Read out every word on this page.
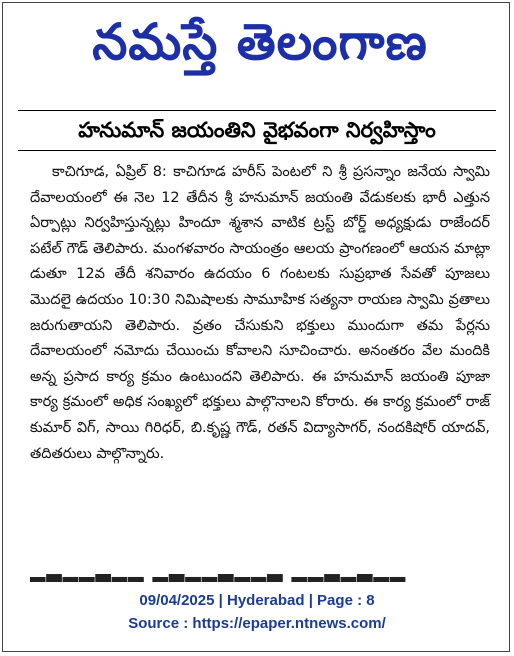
నమస్తే తెలంగాణ
హనుమాన్ జయంతిని వైభవంగా నిర్వహిస్తాం

కాచిగూడ, ఏప్రిల్ 8: కాచిగూడ హరీస్ పెంటలో ని శ్రీ ప్రసన్నాం జనేయ స్వామి దేవాలయంలో ఈ నెల 12 తేదీన శ్రీ హనుమాన్ జయంతి వేడుకలకు భారీ ఎత్తున ఏర్పాట్లు నిర్వహిస్తున్నట్లు హిందూ శ్మశాన వాటిక ట్రస్ట్ బోర్డ్ అధ్యక్షుడు రాజేందర్ పటేల్ గౌడ్ తెలిపారు. మంగళవారం సాయంత్రం ఆలయ ప్రాంగణంలో ఆయన మాట్లా డుతూ 12వ తేదీ శనివారం ఉదయం 6 గంటలకు సుప్రభాత సేవతో పూజలు మొదలై ఉదయం 10:30 నిమిషాలకు సామూహిక సత్యనా రాయణ స్వామి వ్రతాలు జరుగుతాయని తెలిపారు. వ్రతం చేసుకుని భక్తులు ముందుగా తమ పేర్లను దేవాలయంలో నమోదు చేయించు కోవాలని సూచించారు. అనంతరం వేల మందికి అన్న ప్రసాద కార్య క్రమం ఉంటుందని తెలిపారు. ఈ హనుమాన్ జయంతి పూజా కార్య క్రమంలో అధిక సంఖ్యలో భక్తులు పాల్గొనాలని కోరారు. ఈ కార్య క్రమంలో రాజ్ కుమార్ విగ్, సాయి గిరిధర్, బి.కృష్ణ గౌడ్, రతన్ విద్యాసాగర్, నందకిషోర్ యాదవ్, తదితరులు పాల్గొన్నారు.

▂▃▂▂▃▂▂ ▂▃▂▂▃▂▂▃ ▂▂▃▂▃▂▂
09/04/2025 | Hyderabad | Page : 8
Source : https://epaper.ntnews.com/
